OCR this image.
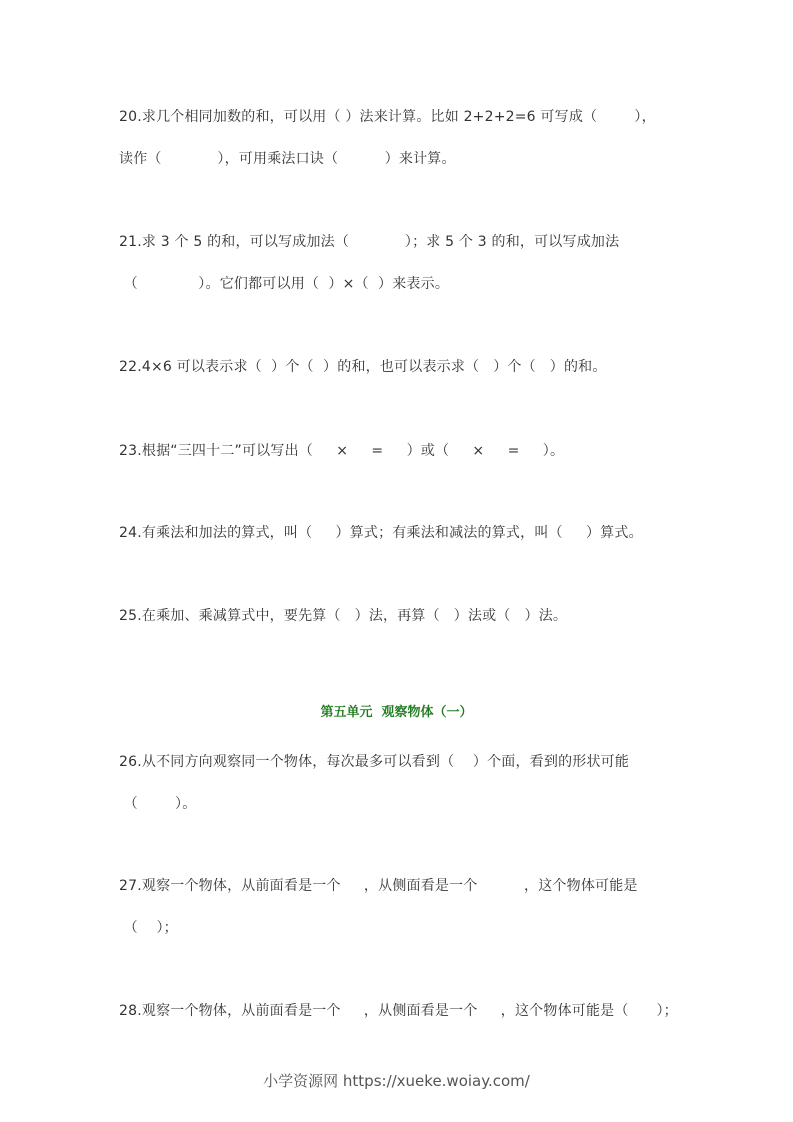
20.求几个相同加数的和，可以用（ ）法来计算。比如 2+2+2=6 可写成（        ），
读作（            ），可用乘法口诀（          ）来计算。
21.求 3 个 5 的和，可以写成加法（            ）；求 5 个 3 的和，可以写成加法
（             ）。它们都可以用（  ）×（  ）来表示。
22.4×6 可以表示求（  ）个（  ）的和，也可以表示求（   ）个（   ）的和。
23.根据“三四十二”可以写出（     ×     =     ）或（     ×     =     ）。
24.有乘法和加法的算式，叫（     ）算式；有乘法和减法的算式，叫（     ）算式。
25.在乘加、乘减算式中，要先算（   ）法，再算（   ）法或（   ）法。
第五单元  观察物体（一）
26.从不同方向观察同一个物体，每次最多可以看到（    ）个面，看到的形状可能
（        ）。
27.观察一个物体，从前面看是一个     ，从侧面看是一个          ，这个物体可能是
（    ）；
28.观察一个物体，从前面看是一个     ，从侧面看是一个     ，这个物体可能是（      ）；
小学资源网 https://xueke.woiay.com/
